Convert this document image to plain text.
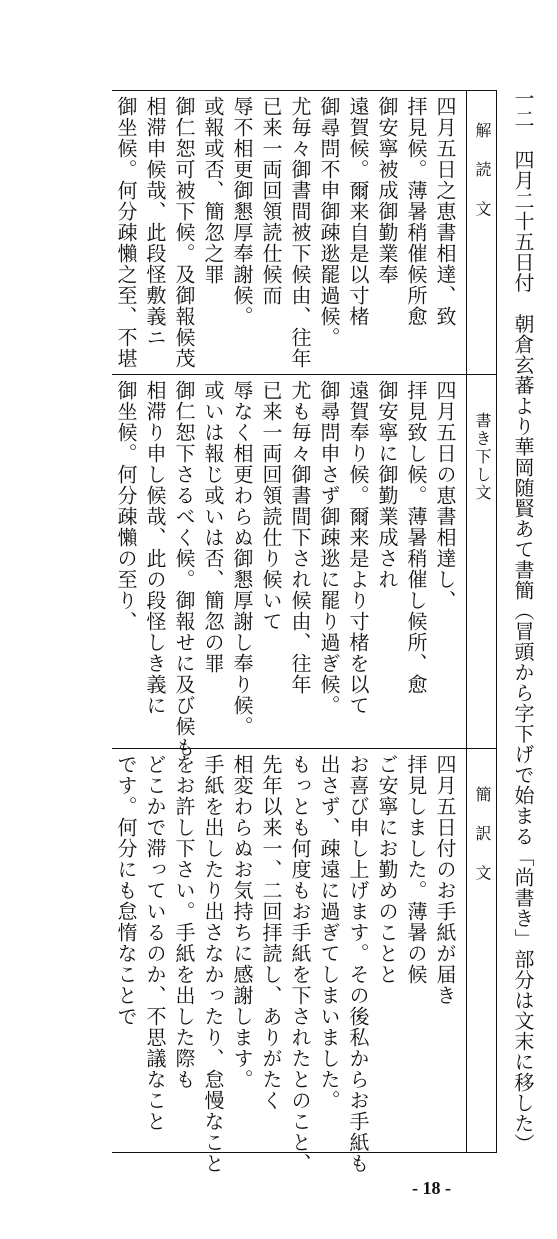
一二　四月二十五日付　朝倉玄蕃より華岡随賢あて書簡（冒頭から字下げで始まる「尚書き」部分は文末に移した）
解 読 文
四月五日之恵書相達、致
拝見候。薄暑稍催候所愈
御安寧被成御勤業奉
遠賀候。爾来自是以寸楮
御尋問不申御疎逖罷過候。
尤毎々御書間被下候由、往年
已来一両回領読仕候而
辱不相更御懇厚奉謝候。
或報或否、簡忽之罪
御仁恕可被下候。及御報候茂
相滞申候哉、此段怪敷義ニ
御坐候。何分疎懶之至、不堪
書き下し文
四月五日の恵書相達し、
拝見致し候。薄暑稍催し候所、愈
御安寧に御勤業成され
遠賀奉り候。爾来是より寸楮を以て
御尋問申さず御疎逖に罷り過ぎ候。
尤も毎々御書間下され候由、往年
已来一両回領読仕り候いて
辱なく相更わらぬ御懇厚謝し奉り候。
或いは報じ或いは否、簡忽の罪
御仁恕下さるべく候。御報せに及び候も
相滞り申し候哉、此の段怪しき義に
御坐候。何分疎懶の至り、
簡 訳 文
四月五日付のお手紙が届き
拝見しました。薄暑の候
ご安寧にお勤めのことと
お喜び申し上げます。その後私からお手紙も
出さず、疎遠に過ぎてしまいました。
もっとも何度もお手紙を下されたとのこと、
先年以来一、二回拝読し、ありがたく
相変わらぬお気持ちに感謝します。
手紙を出したり出さなかったり、怠慢なこと
をお許し下さい。手紙を出した際も
どこかで滞っているのか、不思議なこと
です。何分にも怠惰なことで
- 18 -
